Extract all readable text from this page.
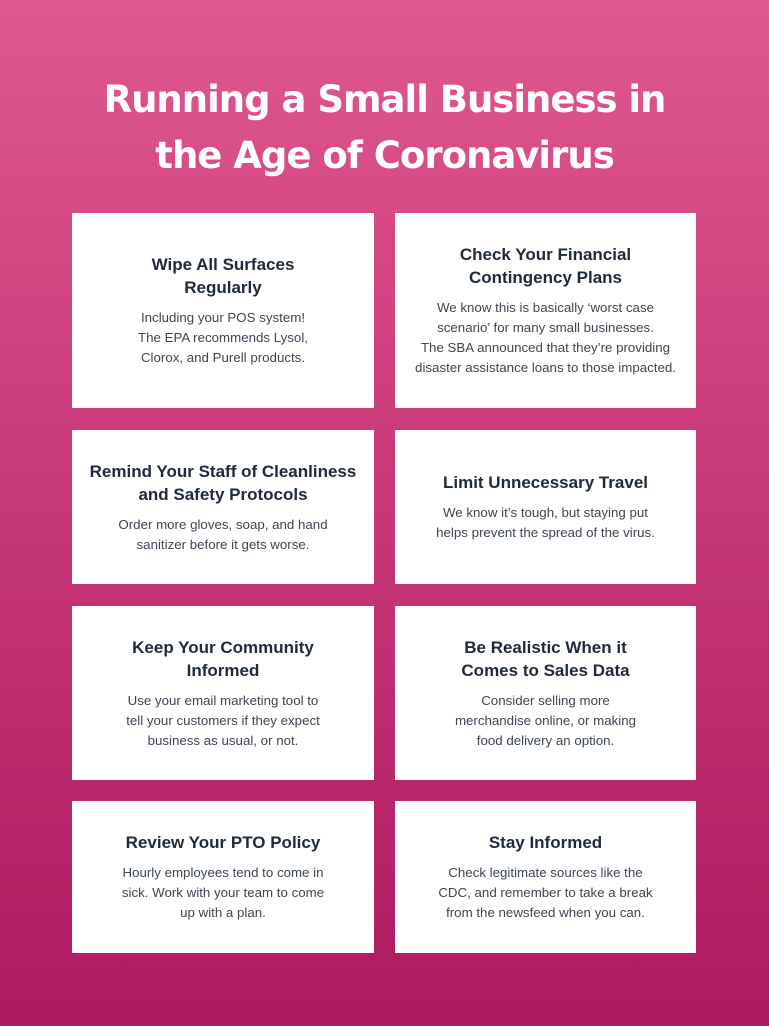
Running a Small Business in
the Age of Coronavirus
Wipe All Surfaces
Regularly
Including your POS system!
The EPA recommends Lysol,
Clorox, and Purell products.
Check Your Financial
Contingency Plans
We know this is basically ‘worst case
scenario’ for many small businesses.
The SBA announced that they’re providing
disaster assistance loans to those impacted.
Remind Your Staff of Cleanliness
and Safety Protocols
Order more gloves, soap, and hand
sanitizer before it gets worse.
Limit Unnecessary Travel
We know it’s tough, but staying put
helps prevent the spread of the virus.
Keep Your Community
Informed
Use your email marketing tool to
tell your customers if they expect
business as usual, or not.
Be Realistic When it
Comes to Sales Data
Consider selling more
merchandise online, or making
food delivery an option.
Review Your PTO Policy
Hourly employees tend to come in
sick. Work with your team to come
up with a plan.
Stay Informed
Check legitimate sources like the
CDC, and remember to take a break
from the newsfeed when you can.
